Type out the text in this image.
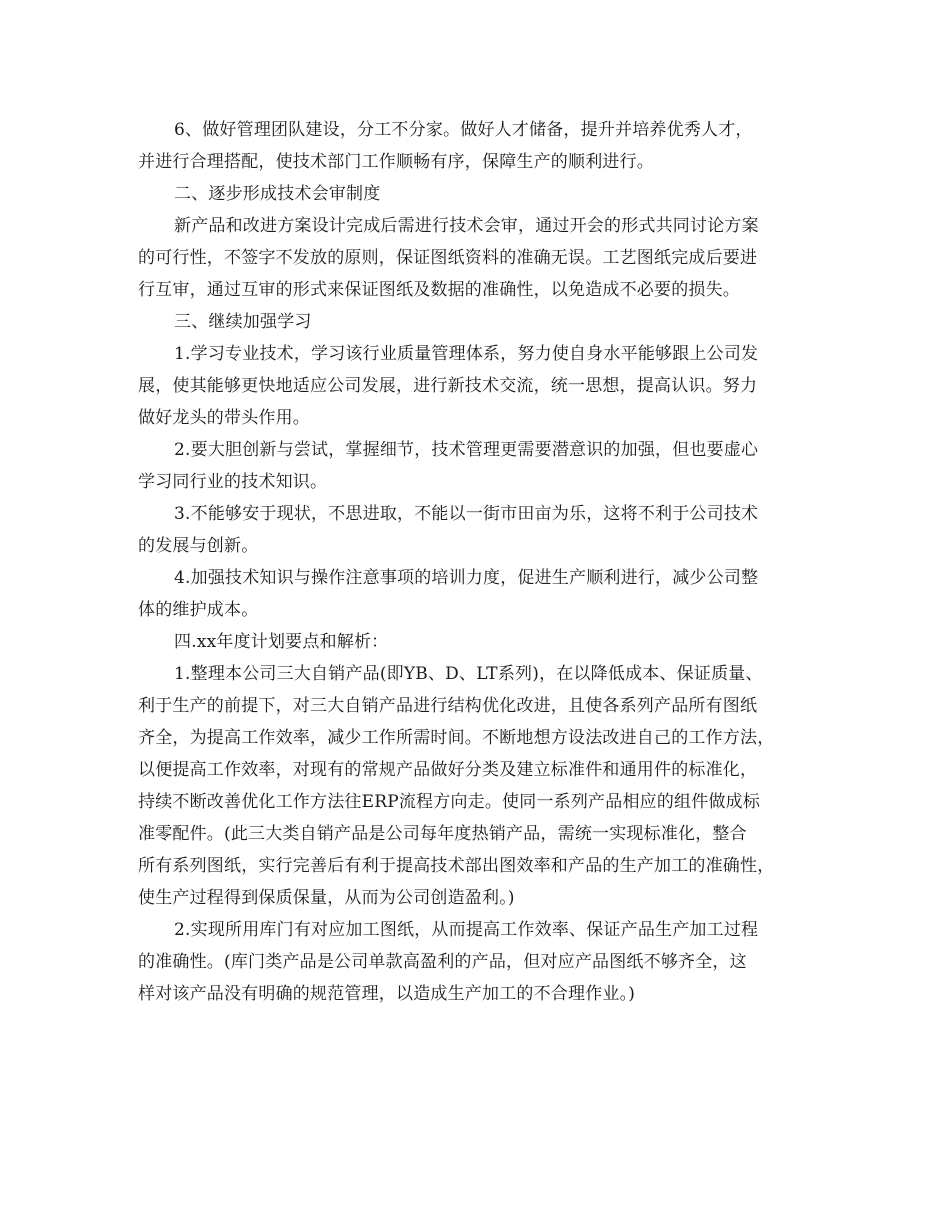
6、做好管理团队建设，分工不分家。做好人才储备，提升并培养优秀人才，
并进行合理搭配，使技术部门工作顺畅有序，保障生产的顺利进行。
二、逐步形成技术会审制度
新产品和改进方案设计完成后需进行技术会审，通过开会的形式共同讨论方案
的可行性，不签字不发放的原则，保证图纸资料的准确无误。工艺图纸完成后要进
行互审，通过互审的形式来保证图纸及数据的准确性，以免造成不必要的损失。
三、继续加强学习
1.学习专业技术，学习该行业质量管理体系，努力使自身水平能够跟上公司发
展，使其能够更快地适应公司发展，进行新技术交流，统一思想，提高认识。努力
做好龙头的带头作用。
2.要大胆创新与尝试，掌握细节，技术管理更需要潜意识的加强，但也要虚心
学习同行业的技术知识。
3.不能够安于现状，不思进取，不能以一街市田亩为乐，这将不利于公司技术
的发展与创新。
4.加强技术知识与操作注意事项的培训力度，促进生产顺利进行，减少公司整
体的维护成本。
四.xx年度计划要点和解析：
1.整理本公司三大自销产品(即YB、D、LT系列)，在以降低成本、保证质量、
利于生产的前提下，对三大自销产品进行结构优化改进，且使各系列产品所有图纸
齐全，为提高工作效率，减少工作所需时间。不断地想方设法改进自己的工作方法，
以便提高工作效率，对现有的常规产品做好分类及建立标准件和通用件的标准化，
持续不断改善优化工作方法往ERP流程方向走。使同一系列产品相应的组件做成标
准零配件。(此三大类自销产品是公司每年度热销产品，需统一实现标准化，整合
所有系列图纸，实行完善后有利于提高技术部出图效率和产品的生产加工的准确性，
使生产过程得到保质保量，从而为公司创造盈利。)
2.实现所用库门有对应加工图纸，从而提高工作效率、保证产品生产加工过程
的准确性。(库门类产品是公司单款高盈利的产品，但对应产品图纸不够齐全，这
样对该产品没有明确的规范管理，以造成生产加工的不合理作业。)
